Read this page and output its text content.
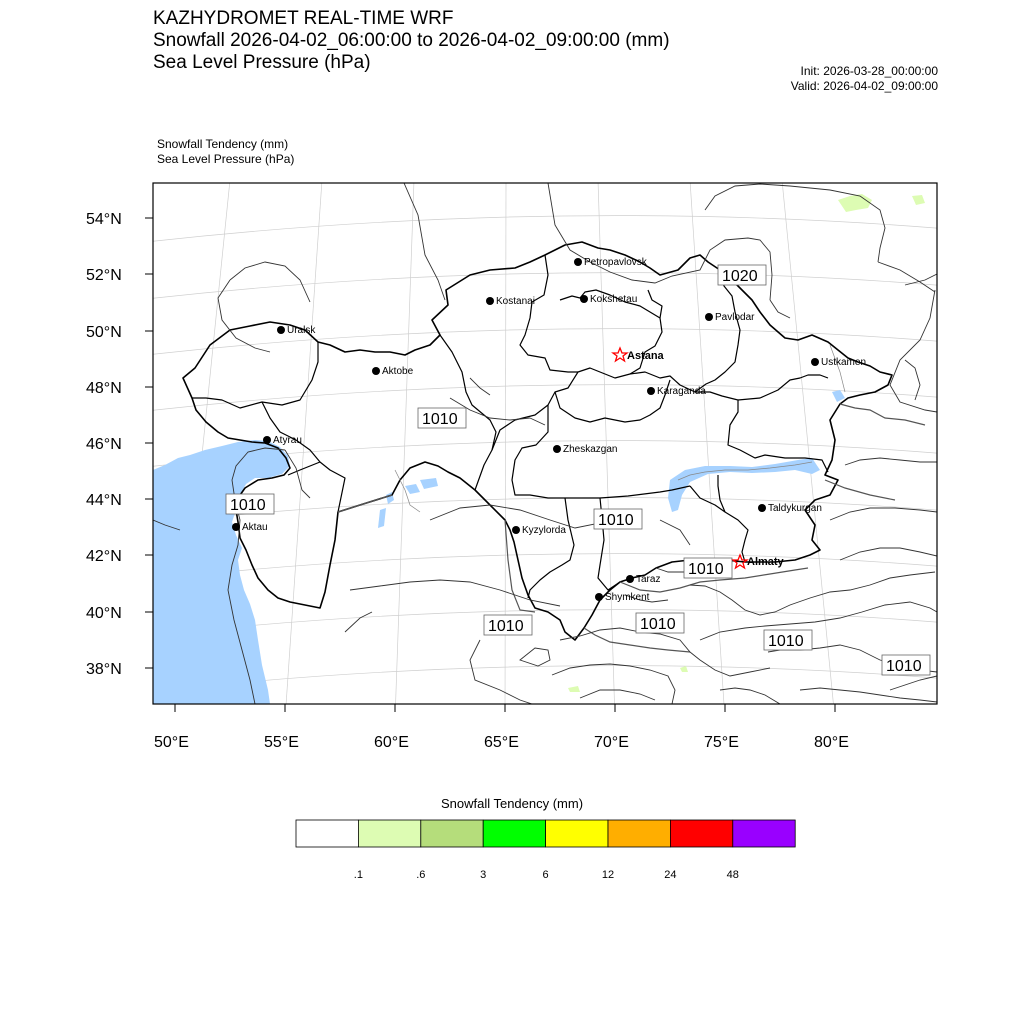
KAZHYDROMET REAL-TIME WRF
Snowfall 2026-04-02_06:00:00 to 2026-04-02_09:00:00 (mm)
Sea Level Pressure (hPa)	Init: 2026-03-28_00:00:00
Valid: 2026-04-02_09:00:00
Snowfall Tendency (mm)
Sea Level Pressure (hPa)
54°N
52°N
50°N
48°N
46°N
44°N
42°N
40°N
38°N
50°E	55°E	60°E	65°E	70°E	75°E	80°E
1020
1010
1010
1010
1010
1010	1010
1010
1010
Petropavlovsk
Kostanai	Kokshetau
Pavlodar
Uralsk
Astana
Ustkamen
Aktobe
Karaganda
Atyrau
Zheskazgan
Aktau	Kyzylorda
Taldykurgan
Almaty
Taraz
Shymkent
.1	.6	3	6	12	24	48
Snowfall Tendency (mm)
